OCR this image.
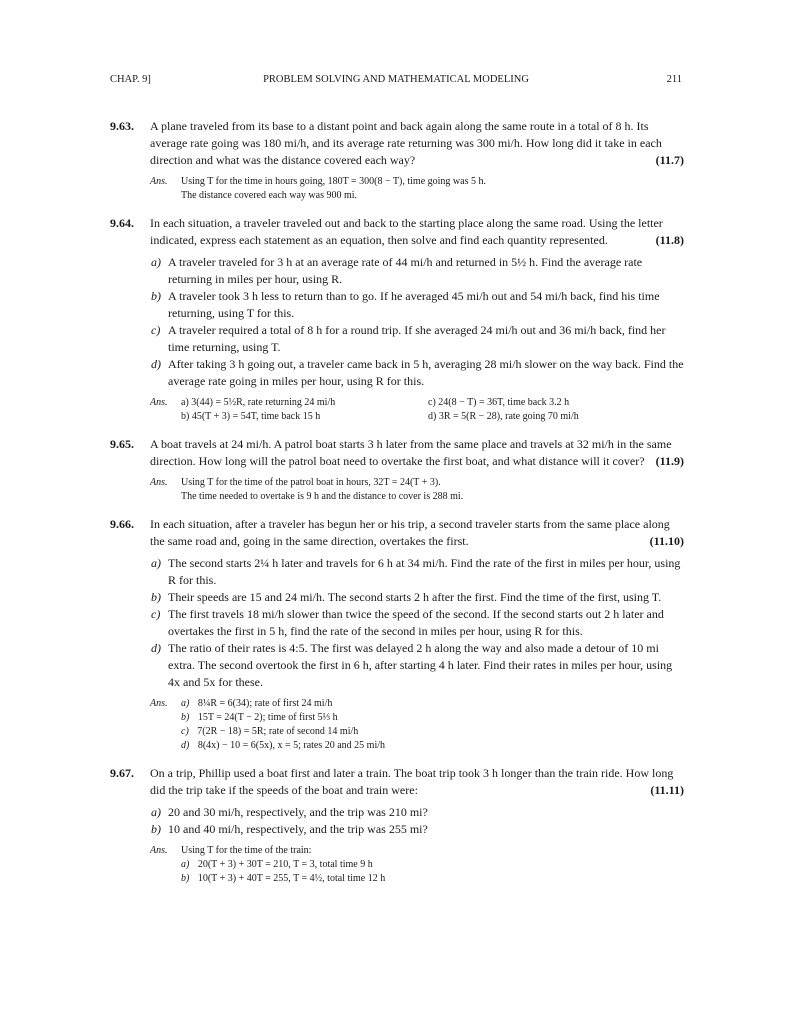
CHAP. 9]	PROBLEM SOLVING AND MATHEMATICAL MODELING	211
9.63. A plane traveled from its base to a distant point and back again along the same route in a total of 8 h. Its average rate going was 180 mi/h, and its average rate returning was 300 mi/h. How long did it take in each direction and what was the distance covered each way?	(11.7)
Ans. Using T for the time in hours going, 180T = 300(8 − T), time going was 5 h.
The distance covered each way was 900 mi.
9.64. In each situation, a traveler traveled out and back to the starting place along the same road. Using the letter indicated, express each statement as an equation, then solve and find each quantity represented.	(11.8)
a) A traveler traveled for 3 h at an average rate of 44 mi/h and returned in 5½ h. Find the average rate returning in miles per hour, using R.
b) A traveler took 3 h less to return than to go. If he averaged 45 mi/h out and 54 mi/h back, find his time returning, using T for this.
c) A traveler required a total of 8 h for a round trip. If she averaged 24 mi/h out and 36 mi/h back, find her time returning, using T.
d) After taking 3 h going out, a traveler came back in 5 h, averaging 28 mi/h slower on the way back. Find the average rate going in miles per hour, using R for this.
Ans. a) 3(44) = 5½R, rate returning 24 mi/h	c) 24(8 − T) = 36T, time back 3.2 h
b) 45(T + 3) = 54T, time back 15 h	d) 3R = 5(R − 28), rate going 70 mi/h
9.65. A boat travels at 24 mi/h. A patrol boat starts 3 h later from the same place and travels at 32 mi/h in the same direction. How long will the patrol boat need to overtake the first boat, and what distance will it cover? (11.9)
Ans. Using T for the time of the patrol boat in hours, 32T = 24(T + 3).
The time needed to overtake is 9 h and the distance to cover is 288 mi.
9.66. In each situation, after a traveler has begun her or his trip, a second traveler starts from the same place along the same road and, going in the same direction, overtakes the first.	(11.10)
a) The second starts 2¼ h later and travels for 6 h at 34 mi/h. Find the rate of the first in miles per hour, using R for this.
b) Their speeds are 15 and 24 mi/h. The second starts 2 h after the first. Find the time of the first, using T.
c) The first travels 18 mi/h slower than twice the speed of the second. If the second starts out 2 h later and overtakes the first in 5 h, find the rate of the second in miles per hour, using R for this.
d) The ratio of their rates is 4:5. The first was delayed 2 h along the way and also made a detour of 10 mi extra. The second overtook the first in 6 h, after starting 4 h later. Find their rates in miles per hour, using 4x and 5x for these.
Ans. a) 8¼R = 6(34); rate of first 24 mi/h
b) 15T = 24(T − 2); time of first 5⅓ h
c) 7(2R − 18) = 5R; rate of second 14 mi/h
d) 8(4x) − 10 = 6(5x), x = 5; rates 20 and 25 mi/h
9.67. On a trip, Phillip used a boat first and later a train. The boat trip took 3 h longer than the train ride. How long did the trip take if the speeds of the boat and train were:	(11.11)
a) 20 and 30 mi/h, respectively, and the trip was 210 mi?
b) 10 and 40 mi/h, respectively, and the trip was 255 mi?
Ans. Using T for the time of the train:
a) 20(T + 3) + 30T = 210, T = 3, total time 9 h
b) 10(T + 3) + 40T = 255, T = 4½, total time 12 h
